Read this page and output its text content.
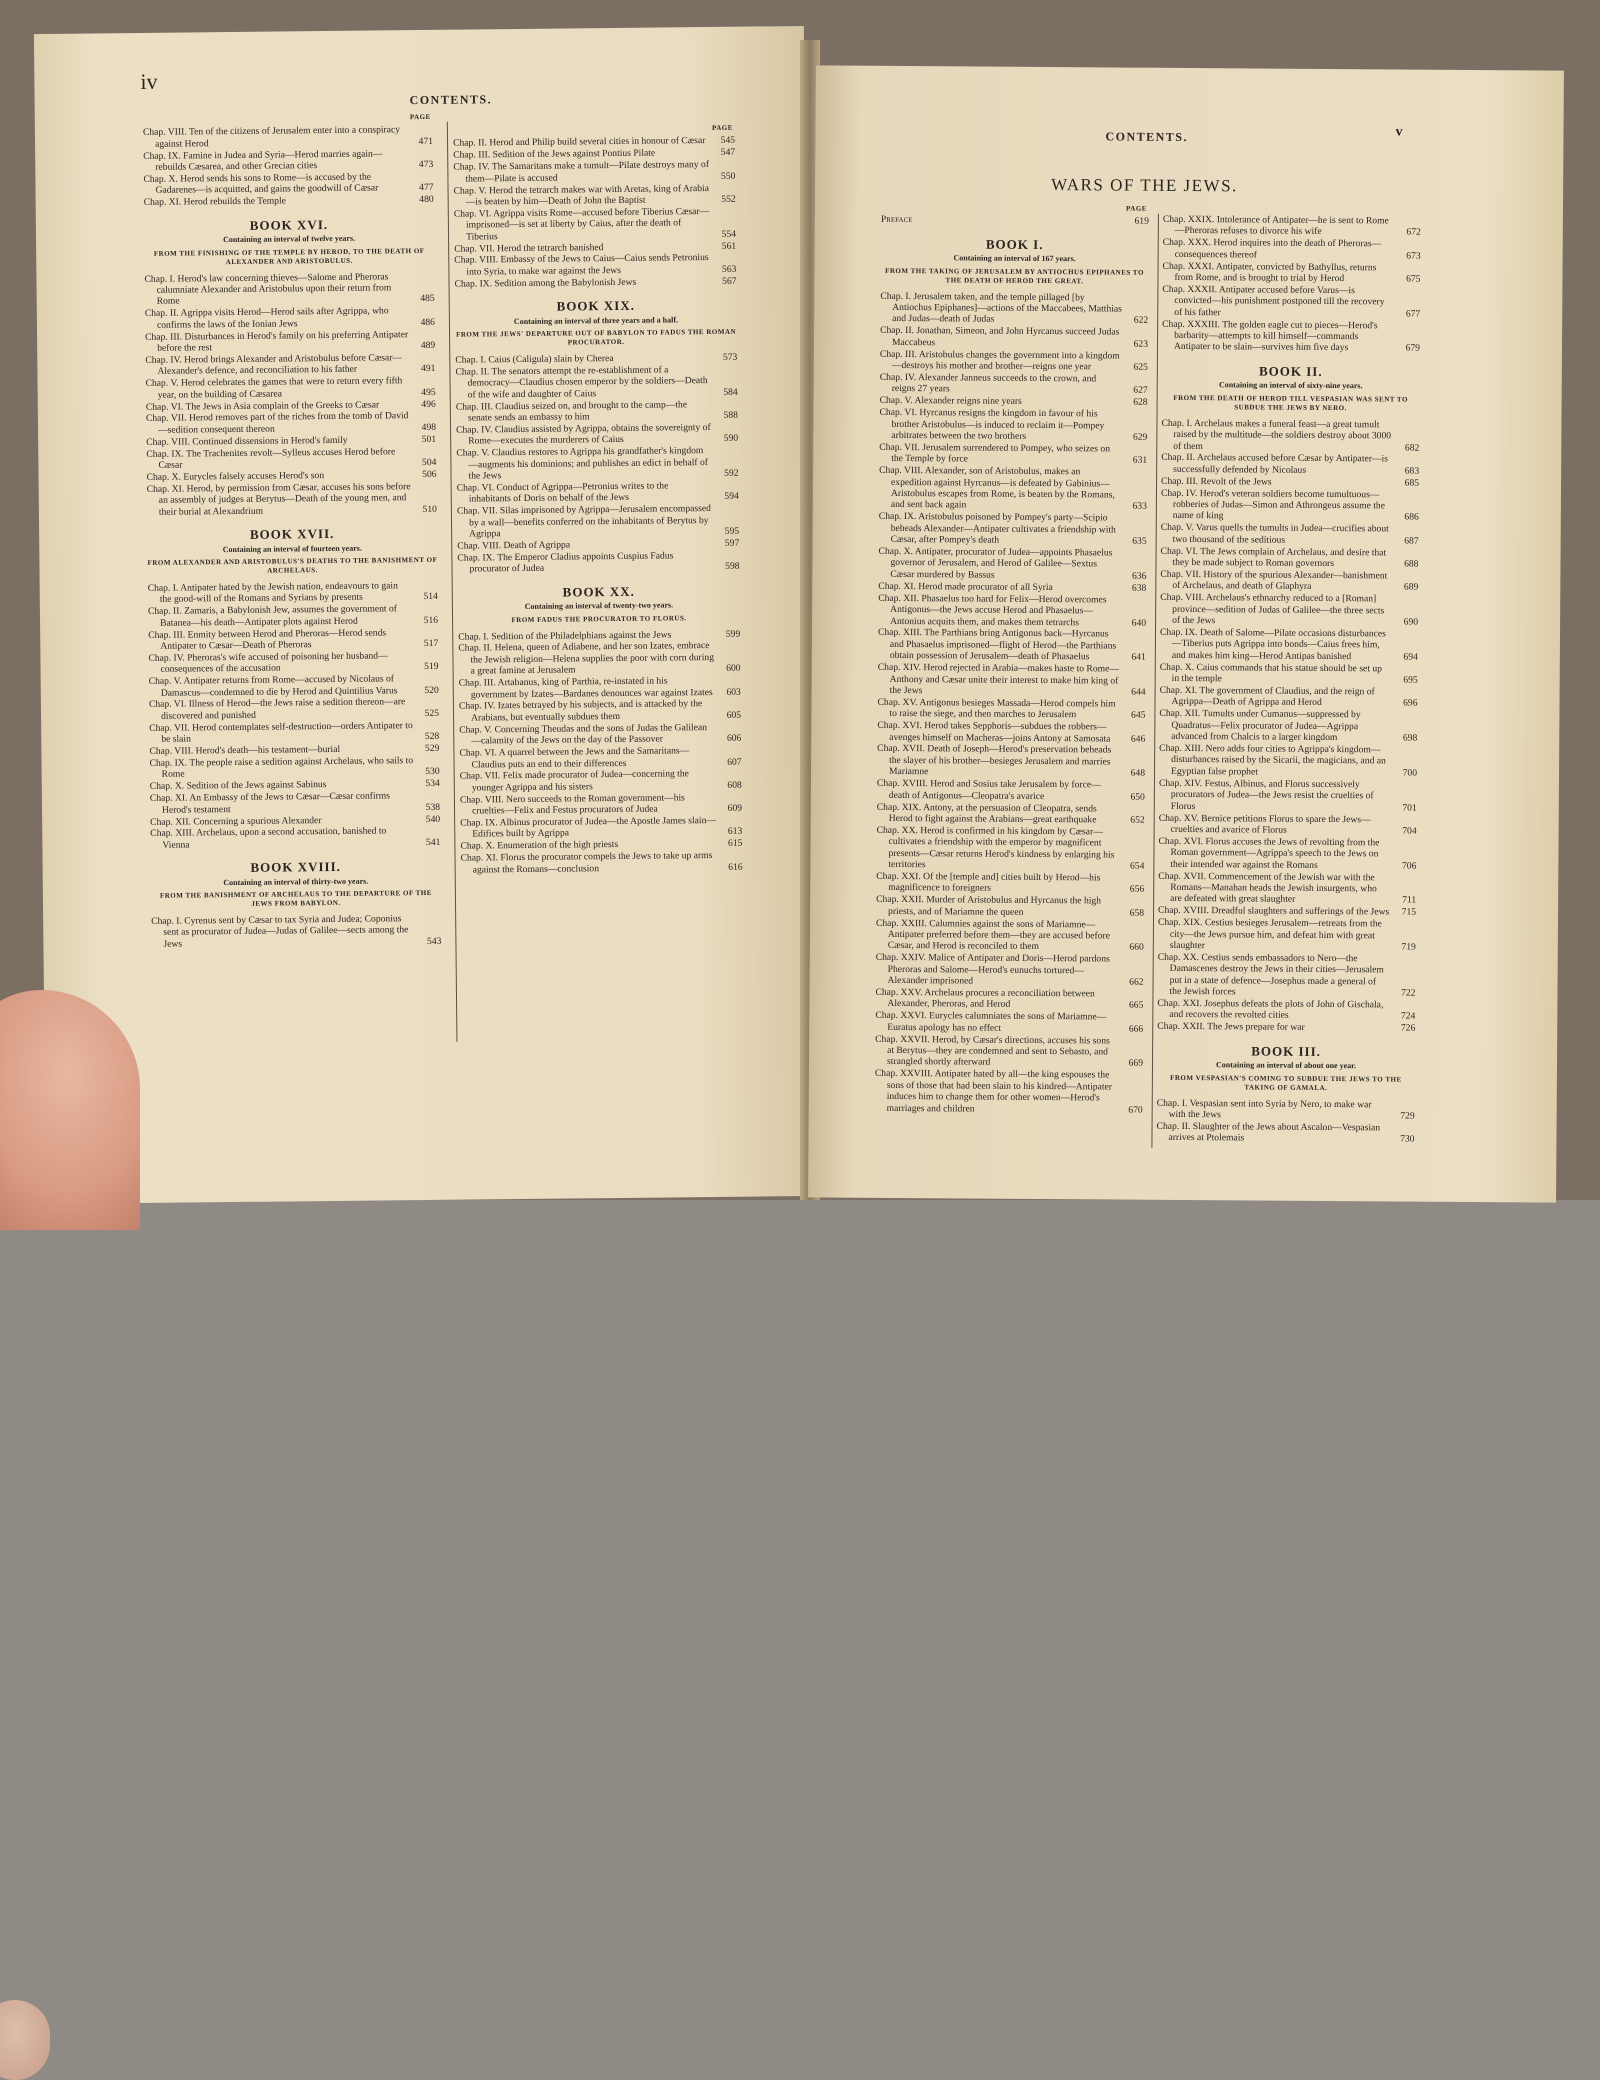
iv
CONTENTS.
PAGE
Chap. VIII. Ten of the citizens of Jerusalem enter into a conspiracy against Herod	471
Chap. IX. Famine in Judea and Syria—Herod marries again—rebuilds Cæsarea, and other Grecian cities	473
Chap. X. Herod sends his sons to Rome—is accused by the Gadarenes—is acquitted, and gains the goodwill of Cæsar	477
Chap. XI. Herod rebuilds the Temple	480
BOOK XVI.
Containing an interval of twelve years.
FROM THE FINISHING OF THE TEMPLE BY HEROD, TO THE DEATH OF ALEXANDER AND ARISTOBULUS.
Chap. I. Herod's law concerning thieves—Salome and Pheroras calumniate Alexander and Aristobulus upon their return from Rome	485
Chap. II. Agrippa visits Herod—Herod sails after Agrippa, who confirms the laws of the Ionian Jews	486
Chap. III. Disturbances in Herod's family on his preferring Antipater before the rest	489
Chap. IV. Herod brings Alexander and Aristobulus before Cæsar—Alexander's defence, and reconciliation to his father	491
Chap. V. Herod celebrates the games that were to return every fifth year, on the building of Cæsarea	495
Chap. VI. The Jews in Asia complain of the Greeks to Cæsar	496
Chap. VII. Herod removes part of the riches from the tomb of David—sedition consequent thereon	498
Chap. VIII. Continued dissensions in Herod's family	501
Chap. IX. The Trachenites revolt—Sylleus accuses Herod before Cæsar	504
Chap. X. Eurycles falsely accuses Herod's son	506
Chap. XI. Herod, by permission from Cæsar, accuses his sons before an assembly of judges at Berytus—Death of the young men, and their burial at Alexandrium	510
BOOK XVII.
Containing an interval of fourteen years.
FROM ALEXANDER AND ARISTOBULUS'S DEATHS TO THE BANISHMENT OF ARCHELAUS.
Chap. I. Antipater hated by the Jewish nation, endeavours to gain the good-will of the Romans and Syrians by presents	514
Chap. II. Zamaris, a Babylonish Jew, assumes the government of Batanea—his death—Antipater plots against Herod	516
Chap. III. Enmity between Herod and Pheroras—Herod sends Antipater to Cæsar—Death of Pheroras	517
Chap. IV. Pheroras's wife accused of poisoning her husband—consequences of the accusation	519
Chap. V. Antipater returns from Rome—accused by Nicolaus of Damascus—condemned to die by Herod and Quintilius Varus	520
Chap. VI. Illness of Herod—the Jews raise a sedition thereon—are discovered and punished	525
Chap. VII. Herod contemplates self-destruction—orders Antipater to be slain	528
Chap. VIII. Herod's death—his testament—burial	529
Chap. IX. The people raise a sedition against Archelaus, who sails to Rome	530
Chap. X. Sedition of the Jews against Sabinus	534
Chap. XI. An Embassy of the Jews to Cæsar—Cæsar confirms Herod's testament	538
Chap. XII. Concerning a spurious Alexander	540
Chap. XIII. Archelaus, upon a second accusation, banished to Vienna	541
BOOK XVIII.
Containing an interval of thirty-two years.
FROM THE BANISHMENT OF ARCHELAUS TO THE DEPARTURE OF THE JEWS FROM BABYLON.
Chap. I. Cyrenus sent by Cæsar to tax Syria and Judea; Coponius sent as procurator of Judea—Judas of Galilee—sects among the Jews	543
PAGE
Chap. II. Herod and Philip build several cities in honour of Cæsar	545
Chap. III. Sedition of the Jews against Pontius Pilate	547
Chap. IV. The Samaritans make a tumult—Pilate destroys many of them—Pilate is accused	550
Chap. V. Herod the tetrarch makes war with Aretas, king of Arabia—is beaten by him—Death of John the Baptist	552
Chap. VI. Agrippa visits Rome—accused before Tiberius Cæsar—imprisoned—is set at liberty by Caius, after the death of Tiberius	554
Chap. VII. Herod the tetrarch banished	561
Chap. VIII. Embassy of the Jews to Caius—Caius sends Petronius into Syria, to make war against the Jews	563
Chap. IX. Sedition among the Babylonish Jews	567
BOOK XIX.
Containing an interval of three years and a half.
FROM THE JEWS' DEPARTURE OUT OF BABYLON TO FADUS THE ROMAN PROCURATOR.
Chap. I. Caius (Caligula) slain by Cherea	573
Chap. II. The senators attempt the re-establishment of a democracy—Claudius chosen emperor by the soldiers—Death of the wife and daughter of Caius	584
Chap. III. Claudius seized on, and brought to the camp—the senate sends an embassy to him	588
Chap. IV. Claudius assisted by Agrippa, obtains the sovereignty of Rome—executes the murderers of Caius	590
Chap. V. Claudius restores to Agrippa his grandfather's kingdom—augments his dominions; and publishes an edict in behalf of the Jews	592
Chap. VI. Conduct of Agrippa—Petronius writes to the inhabitants of Doris on behalf of the Jews	594
Chap. VII. Silas imprisoned by Agrippa—Jerusalem encompassed by a wall—benefits conferred on the inhabitants of Berytus by Agrippa	595
Chap. VIII. Death of Agrippa	597
Chap. IX. The Emperor Cladius appoints Cuspius Fadus procurator of Judea	598
BOOK XX.
Containing an interval of twenty-two years.
FROM FADUS THE PROCURATOR TO FLORUS.
Chap. I. Sedition of the Philadelphians against the Jews	599
Chap. II. Helena, queen of Adiabene, and her son Izates, embrace the Jewish religion—Helena supplies the poor with corn during a great famine at Jerusalem	600
Chap. III. Artabanus, king of Parthia, re-instated in his government by Izates—Bardanes denounces war against Izates	603
Chap. IV. Izates betrayed by his subjects, and is attacked by the Arabians, but eventually subdues them	605
Chap. V. Concerning Theudas and the sons of Judas the Galilean—calamity of the Jews on the day of the Passover	606
Chap. VI. A quarrel between the Jews and the Samaritans—Claudius puts an end to their differences	607
Chap. VII. Felix made procurator of Judea—concerning the younger Agrippa and his sisters	608
Chap. VIII. Nero succeeds to the Roman government—his cruelties—Felix and Festus procurators of Judea	609
Chap. IX. Albinus procurator of Judea—the Apostle James slain—Edifices built by Agrippa	613
Chap. X. Enumeration of the high priests	615
Chap. XI. Florus the procurator compels the Jews to take up arms against the Romans—conclusion	616
CONTENTS.	v
WARS OF THE JEWS.
PAGE
Preface	619
BOOK I.
Containing an interval of 167 years.
FROM THE TAKING OF JERUSALEM BY ANTIOCHUS EPIPHANES TO THE DEATH OF HEROD THE GREAT.
Chap. I. Jerusalem taken, and the temple pillaged [by Antiochus Epiphanes]—actions of the Maccabees, Matthias and Judas—death of Judas	622
Chap. II. Jonathan, Simeon, and John Hyrcanus succeed Judas Maccabeus	623
Chap. III. Aristobulus changes the government into a kingdom—destroys his mother and brother—reigns one year	625
Chap. IV. Alexander Janneus succeeds to the crown, and reigns 27 years	627
Chap. V. Alexander reigns nine years	628
Chap. VI. Hyrcanus resigns the kingdom in favour of his brother Aristobulus—is induced to reclaim it—Pompey arbitrates between the two brothers	629
Chap. VII. Jerusalem surrendered to Pompey, who seizes on the Temple by force	631
Chap. VIII. Alexander, son of Aristobulus, makes an expedition against Hyrcanus—is defeated by Gabinius—Aristobulus escapes from Rome, is beaten by the Romans, and sent back again	633
Chap. IX. Aristobulus poisoned by Pompey's party—Scipio beheads Alexander—Antipater cultivates a friendship with Cæsar, after Pompey's death	635
Chap. X. Antipater, procurator of Judea—appoints Phasaelus governor of Jerusalem, and Herod of Galilee—Sextus Cæsar murdered by Bassus	636
Chap. XI. Herod made procurator of all Syria	638
Chap. XII. Phasaelus too hard for Felix—Herod overcomes Antigonus—the Jews accuse Herod and Phasaelus—Antonius acquits them, and makes them tetrarchs	640
Chap. XIII. The Parthians bring Antigonus back—Hyrcanus and Phasaelus imprisoned—flight of Herod—the Parthians obtain possession of Jerusalem—death of Phasaelus	641
Chap. XIV. Herod rejected in Arabia—makes haste to Rome—Anthony and Cæsar unite their interest to make him king of the Jews	644
Chap. XV. Antigonus besieges Massada—Herod compels him to raise the siege, and then marches to Jerusalem	645
Chap. XVI. Herod takes Sepphoris—subdues the robbers—avenges himself on Macheras—joins Antony at Samosata	646
Chap. XVII. Death of Joseph—Herod's preservation beheads the slayer of his brother—besieges Jerusalem and marries Mariamne	648
Chap. XVIII. Herod and Sosius take Jerusalem by force—death of Antigonus—Cleopatra's avarice	650
Chap. XIX. Antony, at the persuasion of Cleopatra, sends Herod to fight against the Arabians—great earthquake	652
Chap. XX. Herod is confirmed in his kingdom by Cæsar—cultivates a friendship with the emperor by magnificent presents—Cæsar returns Herod's kindness by enlarging his territories	654
Chap. XXI. Of the [temple and] cities built by Herod—his magnificence to foreigners	656
Chap. XXII. Murder of Aristobulus and Hyrcanus the high priests, and of Mariamne the queen	658
Chap. XXIII. Calumnies against the sons of Mariamne—Antipater preferred before them—they are accused before Cæsar, and Herod is reconciled to them	660
Chap. XXIV. Malice of Antipater and Doris—Herod pardons Pheroras and Salome—Herod's eunuchs tortured—Alexander imprisoned	662
Chap. XXV. Archelaus procures a reconciliation between Alexander, Pheroras, and Herod	665
Chap. XXVI. Eurycles calumniates the sons of Mariamne—Euratus apology has no effect	666
Chap. XXVII. Herod, by Cæsar's directions, accuses his sons at Berytus—they are condemned and sent to Sebasto, and strangled shortly afterward	669
Chap. XXVIII. Antipater hated by all—the king espouses the sons of those that had been slain to his kindred—Antipater induces him to change them for other women—Herod's marriages and children	670
Chap. XXIX. Intolerance of Antipater—he is sent to Rome—Pheroras refuses to divorce his wife	672
Chap. XXX. Herod inquires into the death of Pheroras—consequences thereof	673
Chap. XXXI. Antipater, convicted by Bathyllus, returns from Rome, and is brought to trial by Herod	675
Chap. XXXII. Antipater accused before Varus—is convicted—his punishment postponed till the recovery of his father	677
Chap. XXXIII. The golden eagle cut to pieces—Herod's barbarity—attempts to kill himself—commands Antipater to be slain—survives him five days	679
BOOK II.
Containing an interval of sixty-nine years.
FROM THE DEATH OF HEROD TILL VESPASIAN WAS SENT TO SUBDUE THE JEWS BY NERO.
Chap. I. Archelaus makes a funeral feast—a great tumult raised by the multitude—the soldiers destroy about 3000 of them	682
Chap. II. Archelaus accused before Cæsar by Antipater—is successfully defended by Nicolaus	683
Chap. III. Revolt of the Jews	685
Chap. IV. Herod's veteran soldiers become tumultuous—robberies of Judas—Simon and Athrongeus assume the name of king	686
Chap. V. Varus quells the tumults in Judea—crucifies about two thousand of the seditious	687
Chap. VI. The Jews complain of Archelaus, and desire that they be made subject to Roman governors	688
Chap. VII. History of the spurious Alexander—banishment of Archelaus, and death of Glaphyra	689
Chap. VIII. Archelaus's ethnarchy reduced to a [Roman] province—sedition of Judas of Galilee—the three sects of the Jews	690
Chap. IX. Death of Salome—Pilate occasions disturbances—Tiberius puts Agrippa into bonds—Caius frees him, and makes him king—Herod Antipas banished	694
Chap. X. Caius commands that his statue should be set up in the temple	695
Chap. XI. The government of Claudius, and the reign of Agrippa—Death of Agrippa and Herod	696
Chap. XII. Tumults under Cumanus—suppressed by Quadratus—Felix procurator of Judea—Agrippa advanced from Chalcis to a larger kingdom	698
Chap. XIII. Nero adds four cities to Agrippa's kingdom—disturbances raised by the Sicarii, the magicians, and an Egyptian false prophet	700
Chap. XIV. Festus, Albinus, and Florus successively procurators of Judea—the Jews resist the cruelties of Florus	701
Chap. XV. Bernice petitions Florus to spare the Jews—cruelties and avarice of Florus	704
Chap. XVI. Florus accuses the Jews of revolting from the Roman government—Agrippa's speech to the Jews on their intended war against the Romans	706
Chap. XVII. Commencement of the Jewish war with the Romans—Manahan heads the Jewish insurgents, who are defeated with great slaughter	711
Chap. XVIII. Dreadful slaughters and sufferings of the Jews	715
Chap. XIX. Cestius besieges Jerusalem—retreats from the city—the Jews pursue him, and defeat him with great slaughter	719
Chap. XX. Cestius sends embassadors to Nero—the Damascenes destroy the Jews in their cities—Jerusalem put in a state of defence—Josephus made a general of the Jewish forces	722
Chap. XXI. Josephus defeats the plots of John of Gischala, and recovers the revolted cities	724
Chap. XXII. The Jews prepare for war	726
BOOK III.
Containing an interval of about one year.
FROM VESPASIAN'S COMING TO SUBDUE THE JEWS TO THE TAKING OF GAMALA.
Chap. I. Vespasian sent into Syria by Nero, to make war with the Jews	729
Chap. II. Slaughter of the Jews about Ascalon—Vespasian arrives at Ptolemais	730
